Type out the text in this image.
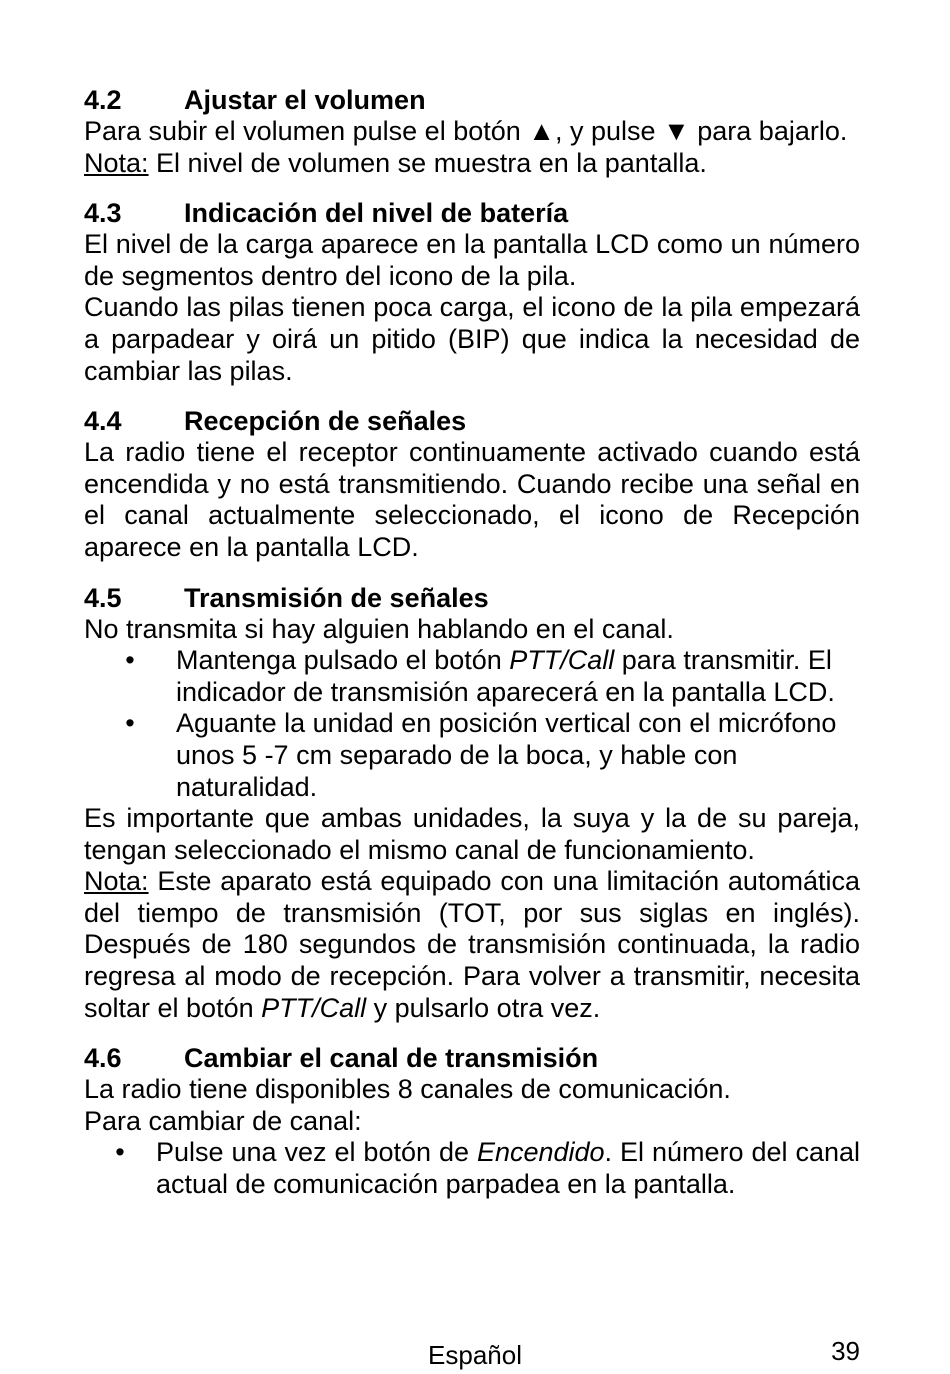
4.2	Ajustar el volumen
Para subir el volumen pulse el botón ▲, y pulse ▼ para bajarlo.
Nota: El nivel de volumen se muestra en la pantalla.
4.3	Indicación del nivel de batería
El nivel de la carga aparece en la pantalla LCD como un número de segmentos dentro del icono de la pila.
Cuando las pilas tienen poca carga, el icono de la pila empezará a parpadear y oirá un pitido (BIP) que indica la necesidad de cambiar las pilas.
4.4	Recepción de señales
La radio tiene el receptor continuamente activado cuando está encendida y no está transmitiendo. Cuando recibe una señal en el canal actualmente seleccionado, el icono de Recepción aparece en la pantalla LCD.
4.5	Transmisión de señales
No transmita si hay alguien hablando en el canal.
•	Mantenga pulsado el botón PTT/Call para transmitir. El indicador de transmisión aparecerá en la pantalla LCD.
•	Aguante la unidad en posición vertical con el micrófono unos 5 -7 cm separado de la boca, y hable con naturalidad.
Es importante que ambas unidades, la suya y la de su pareja, tengan seleccionado el mismo canal de funcionamiento.
Nota: Este aparato está equipado con una limitación automática del tiempo de transmisión (TOT, por sus siglas en inglés). Después de 180 segundos de transmisión continuada, la radio regresa al modo de recepción. Para volver a transmitir, necesita soltar el botón PTT/Call y pulsarlo otra vez.
4.6	Cambiar el canal de transmisión
La radio tiene disponibles 8 canales de comunicación.
Para cambiar de canal:
•	Pulse una vez el botón de Encendido. El número del canal actual de comunicación parpadea en la pantalla.
Español	39
